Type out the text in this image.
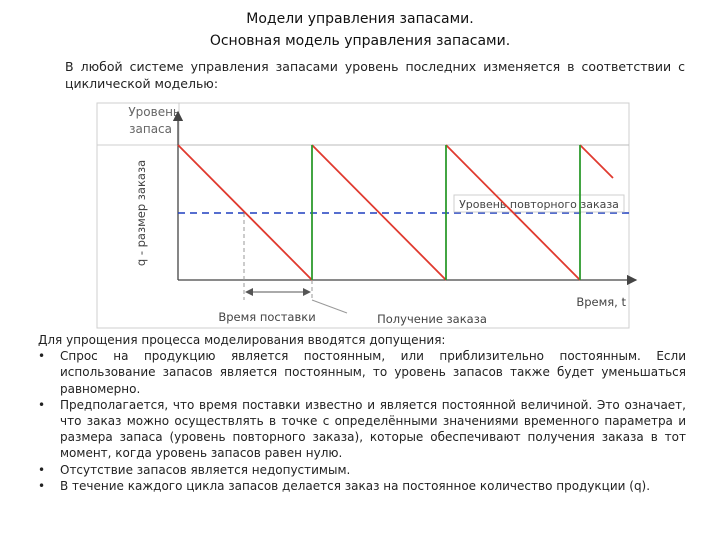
Модели управления запасами.
Основная модель управления запасами.
В любой системе управления запасами уровень последних изменяется в соответствии с циклической моделью:
Уровень
запаса
q - размер заказа	Уровень повторного заказа
Время поставки	Получение заказа
Время, t

Для упрощения процесса моделирования вводятся допущения:

• Спрос на продукцию является постоянным, или приблизительно постоянным. Если использование запасов является постоянным, то уровень запасов также будет уменьшаться равномерно.
• Предполагается, что время поставки известно и является постоянной величиной. Это означает, что заказ можно осуществлять в точке с определёнными значениями временного параметра и размера запаса (уровень повторного заказа), которые обеспечивают получения заказа в тот момент, когда уровень запасов равен нулю.
• Отсутствие запасов является недопустимым.
• В течение каждого цикла запасов делается заказ на постоянное количество продукции (q).
